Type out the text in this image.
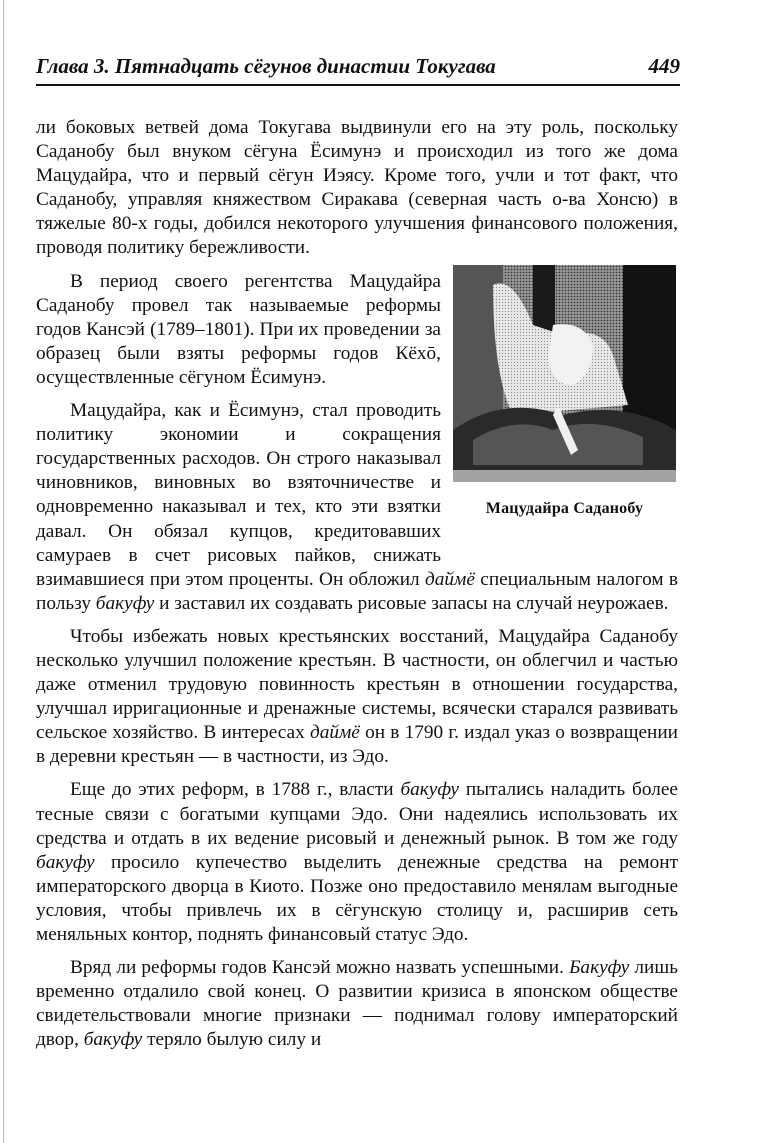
Глава 3. Пятнадцать сёгунов династии Токугава	449

ли боковых ветвей дома Токугава выдвинули его на эту роль, поскольку Саданобу был внуком сёгуна Ёсимунэ и происходил из того же дома Мацудайра, что и первый сёгун Иэясу. Кроме того, учли и тот факт, что Саданобу, управляя княжеством Сиракава (северная часть о-ва Хонсю) в тяжелые 80-х годы, добился некоторого улучшения финансового положения, проводя политику бережливости.

Мацудайра Саданобу

В период своего регентства Мацудайра Саданобу провел так называемые реформы годов Кансэй (1789–1801). При их проведении за образец были взяты реформы годов Кёхō, осуществленные сёгуном Ёсимунэ.

Мацудайра, как и Ёсимунэ, стал проводить политику экономии и сокращения государственных расходов. Он строго наказывал чиновников, виновных во взяточничестве и одновременно наказывал и тех, кто эти взятки давал. Он обязал купцов, кредитовавших самураев в счет рисовых пайков, снижать взимавшиеся при этом проценты. Он обложил даймё специальным налогом в пользу бакуфу и заставил их создавать рисовые запасы на случай неурожаев.

Чтобы избежать новых крестьянских восстаний, Мацудайра Саданобу несколько улучшил положение крестьян. В частности, он облегчил и частью даже отменил трудовую повинность крестьян в отношении государства, улучшал ирригационные и дренажные системы, всячески старался развивать сельское хозяйство. В интересах даймё он в 1790 г. издал указ о возвращении в деревни крестьян — в частности, из Эдо.

Еще до этих реформ, в 1788 г., власти бакуфу пытались наладить более тесные связи с богатыми купцами Эдо. Они надеялись использовать их средства и отдать в их ведение рисовый и денежный рынок. В том же году бакуфу просило купечество выделить денежные средства на ремонт императорского дворца в Киото. Позже оно предоставило менялам выгодные условия, чтобы привлечь их в сёгунскую столицу и, расширив сеть меняльных контор, поднять финансовый статус Эдо.

Вряд ли реформы годов Кансэй можно назвать успешными. Бакуфу лишь временно отдалило свой конец. О развитии кризиса в японском обществе свидетельствовали многие признаки — поднимал голову императорский двор, бакуфу теряло былую силу и
